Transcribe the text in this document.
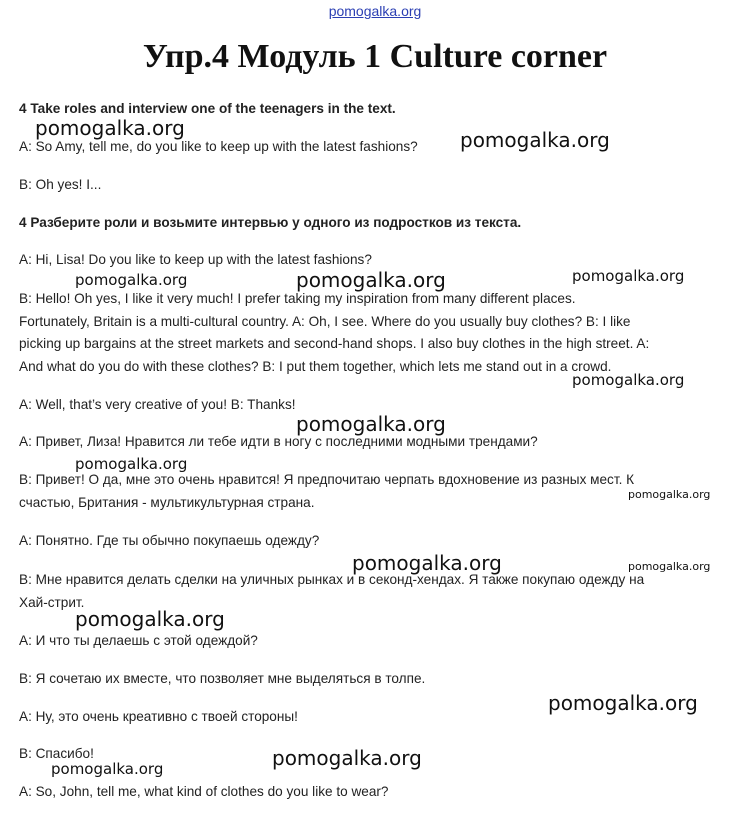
pomogalka.org
Упр.4 Модуль 1 Culture corner
4 Take roles and interview one of the teenagers in the text.
A: So Amy, tell me, do you like to keep up with the latest fashions?
B: Oh yes! I...
4 Разберите роли и возьмите интервью у одного из подростков из текста.
A: Hi, Lisa! Do you like to keep up with the latest fashions?
B: Hello! Oh yes, I like it very much! I prefer taking my inspiration from many different places.
Fortunately, Britain is a multi-cultural country. A: Oh, I see. Where do you usually buy clothes? B: I like
picking up bargains at the street markets and second-hand shops. I also buy clothes in the high street. A:
And what do you do with these clothes? B: I put them together, which lets me stand out in a crowd.
A: Well, that’s very creative of you! B: Thanks!
A: Привет, Лиза! Нравится ли тебе идти в ногу с последними модными трендами?
B: Привет! О да, мне это очень нравится! Я предпочитаю черпать вдохновение из разных мест. К
счастью, Британия - мультикультурная страна.
A: Понятно. Где ты обычно покупаешь одежду?
B: Мне нравится делать сделки на уличных рынках и в секонд-хендах. Я также покупаю одежду на
Хай-стрит.
A: И что ты делаешь с этой одеждой?
B: Я сочетаю их вместе, что позволяет мне выделяться в толпе.
A: Ну, это очень креативно с твоей стороны!
B: Спасибо!
A: So, John, tell me, what kind of clothes do you like to wear?
pomogalka.org	pomogalka.org
pomogalka.org	pomogalka.org	pomogalka.org
pomogalka.org
pomogalka.org
pomogalka.org
pomogalka.org
pomogalka.org	pomogalka.org
pomogalka.org
pomogalka.org
pomogalka.org
pomogalka.org
